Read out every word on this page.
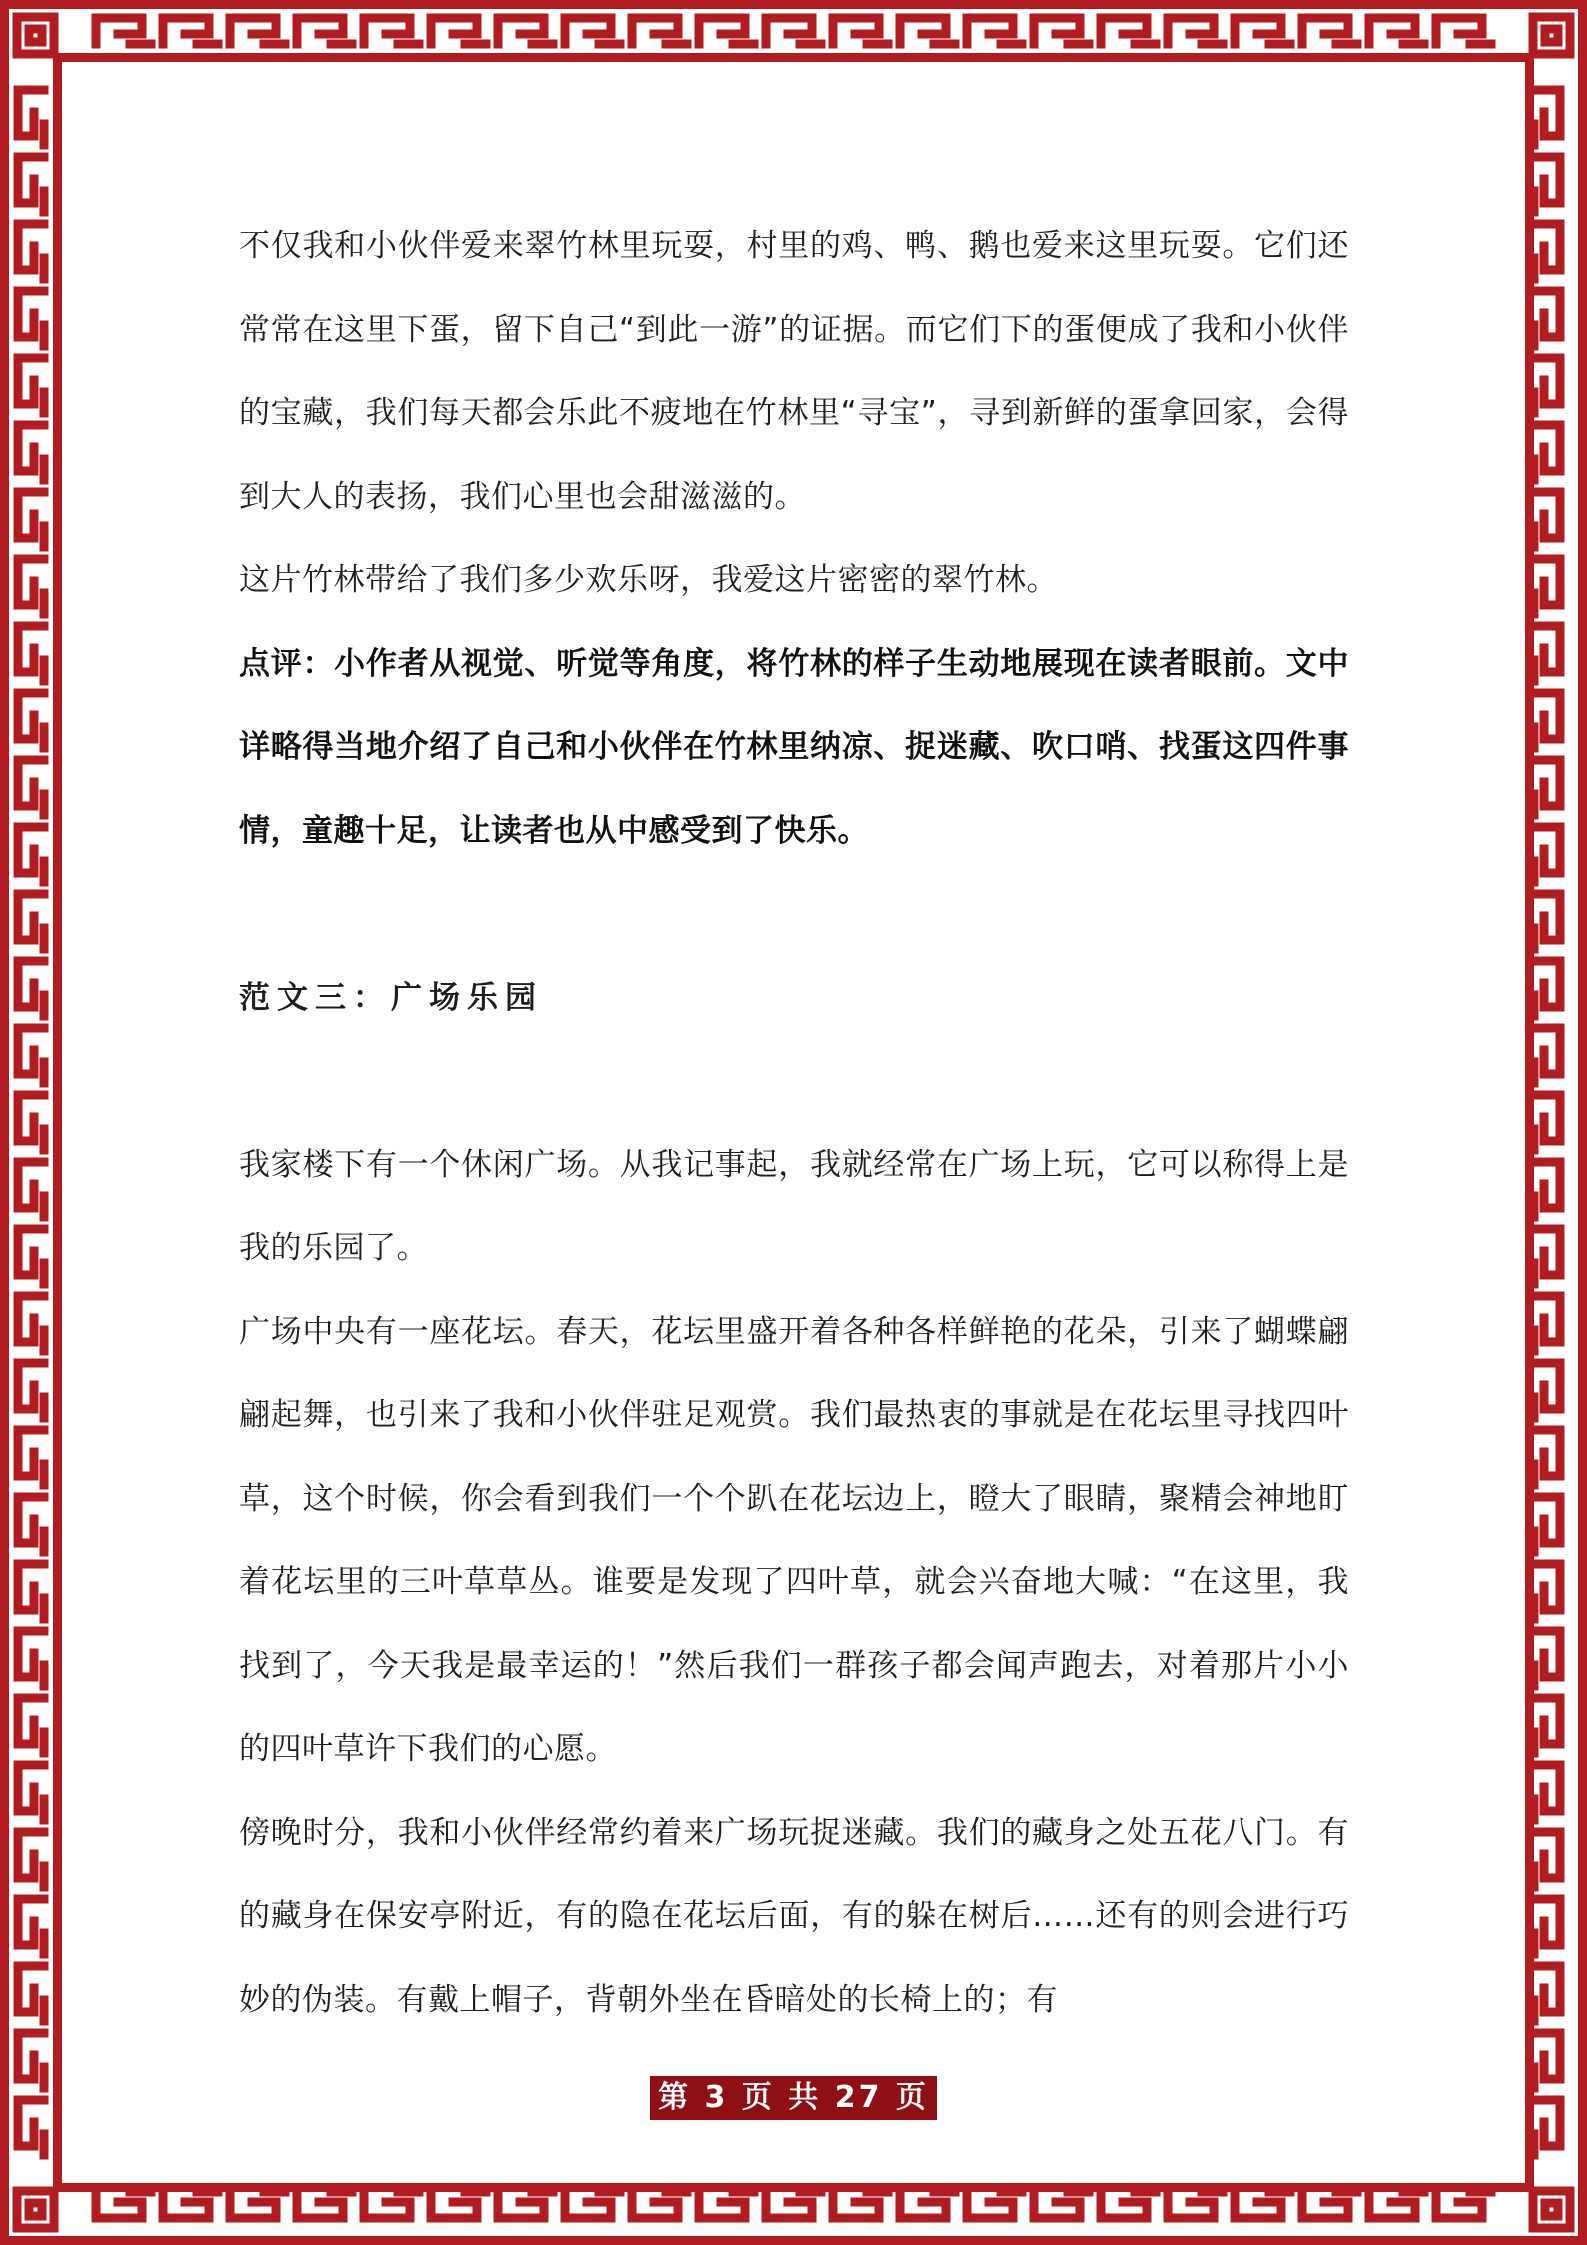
不仅我和小伙伴爱来翠竹林里玩耍，村里的鸡、鸭、鹅也爱来这里玩耍。它们还常常在这里下蛋，留下自己“到此一游”的证据。而它们下的蛋便成了我和小伙伴的宝藏，我们每天都会乐此不疲地在竹林里“寻宝”，寻到新鲜的蛋拿回家，会得到大人的表扬，我们心里也会甜滋滋的。

这片竹林带给了我们多少欢乐呀，我爱这片密密的翠竹林。

点评：小作者从视觉、听觉等角度，将竹林的样子生动地展现在读者眼前。文中详略得当地介绍了自己和小伙伴在竹林里纳凉、捉迷藏、吹口哨、找蛋这四件事情，童趣十足，让读者也从中感受到了快乐。

范文三：广场乐园

我家楼下有一个休闲广场。从我记事起，我就经常在广场上玩，它可以称得上是我的乐园了。

广场中央有一座花坛。春天，花坛里盛开着各种各样鲜艳的花朵，引来了蝴蝶翩翩起舞，也引来了我和小伙伴驻足观赏。我们最热衷的事就是在花坛里寻找四叶草，这个时候，你会看到我们一个个趴在花坛边上，瞪大了眼睛，聚精会神地盯着花坛里的三叶草草丛。谁要是发现了四叶草，就会兴奋地大喊：“在这里，我找到了，今天我是最幸运的！”然后我们一群孩子都会闻声跑去，对着那片小小的四叶草许下我们的心愿。

傍晚时分，我和小伙伴经常约着来广场玩捉迷藏。我们的藏身之处五花八门。有的藏身在保安亭附近，有的隐在花坛后面，有的躲在树后……还有的则会进行巧妙的伪装。有戴上帽子，背朝外坐在昏暗处的长椅上的；有

第 3 页 共 27 页
